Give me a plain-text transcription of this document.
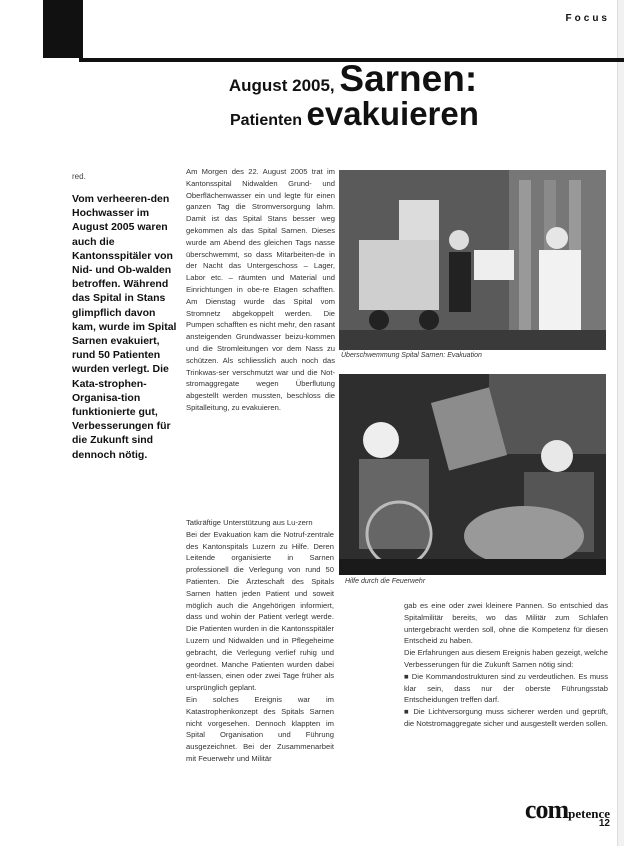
Focus
August 2005, Sarnen:
Patienten evakuieren
red.
Vom verheeren-den Hochwasser im August 2005 waren auch die Kantonsspitäler von Nid- und Ob-walden betroffen. Während das Spital in Stans glimpflich davon kam, wurde im Spital Sarnen evakuiert, rund 50 Patienten wurden verlegt. Die Kata-strophen-Organisa-tion funktionierte gut, Verbesserungen für die Zukunft sind dennoch nötig.

Am Morgen des 22. August 2005 trat im Kantonsspital Nidwalden Grund- und Oberflächenwasser ein und legte für einen ganzen Tag die Stromversorgung lahm. Damit ist das Spital Stans besser weg gekommen als das Spital Sarnen. Dieses wurde am Abend des gleichen Tags nasse überschwemmt, so dass Mitarbeiten-de in der Nacht das Untergeschoss – Lager, Labor etc. – räumten und Material und Einrichtungen in obe-re Etagen schafften. Am Dienstag wurde das Spital vom Stromnetz abgekoppelt werden. Die Pumpen schafften es nicht mehr, den rasant ansteigenden Grundwasser beizu-kommen und die Stromleitungen vor dem Nass zu schützen. Als schliesslich auch noch das Trinkwas-ser verschmutzt war und die Not-stromaggregate wegen Überflutung abgestellt werden mussten, beschloss die Spitalleitung, zu evakuieren.

Tatkräftige Unterstützung aus Lu-zern

Bei der Evakuation kam die Notruf-zentrale des Kantonspitals Luzern zu Hilfe. Deren Leitende organisierte in Sarnen professionell die Verlegung von rund 50 Patienten. Die Ärzteschaft des Spitals Sarnen hatten jeden Patient und soweit möglich auch die Angehörigen informiert, dass und wohin der Patient verlegt werde. Die Patienten wurden in die Kantonsspitäler Luzern und Nidwalden und in Pflegeheime gebracht, die Verlegung verlief ruhig und geordnet. Manche Patienten wurden dabei ent-lassen, einen oder zwei Tage früher als ursprünglich geplant.

Ein solches Ereignis war im Katastrophenkonzept des Spitals Sarnen nicht vorgesehen. Dennoch klappten im Spital Organisation und Führung ausgezeichnet. Bei der Zusammenarbeit mit Feuerwehr und Militär

gab es eine oder zwei kleinere Pannen. So entschied das Spitalmilitär bereits, wo das Militär zum Schlafen untergebracht werden soll, ohne die Kompetenz für diesen Entscheid zu haben.

Die Erfahrungen aus diesem Ereignis haben gezeigt, welche Verbesserungen für die Zukunft Sarnen nötig sind:

■ Die Kommandostrukturen sind zu verdeutlichen. Es muss klar sein, dass nur der oberste Führungsstab Entscheidungen treffen darf.

■ Die Lichtversorgung muss sicherer werden und geprüft, die Notstromaggregate sicher und ausgestellt werden sollen.

Überschwemmung Spital Sarnen: Evakuation
Hilfe durch die Feuerwehr
competence
12
